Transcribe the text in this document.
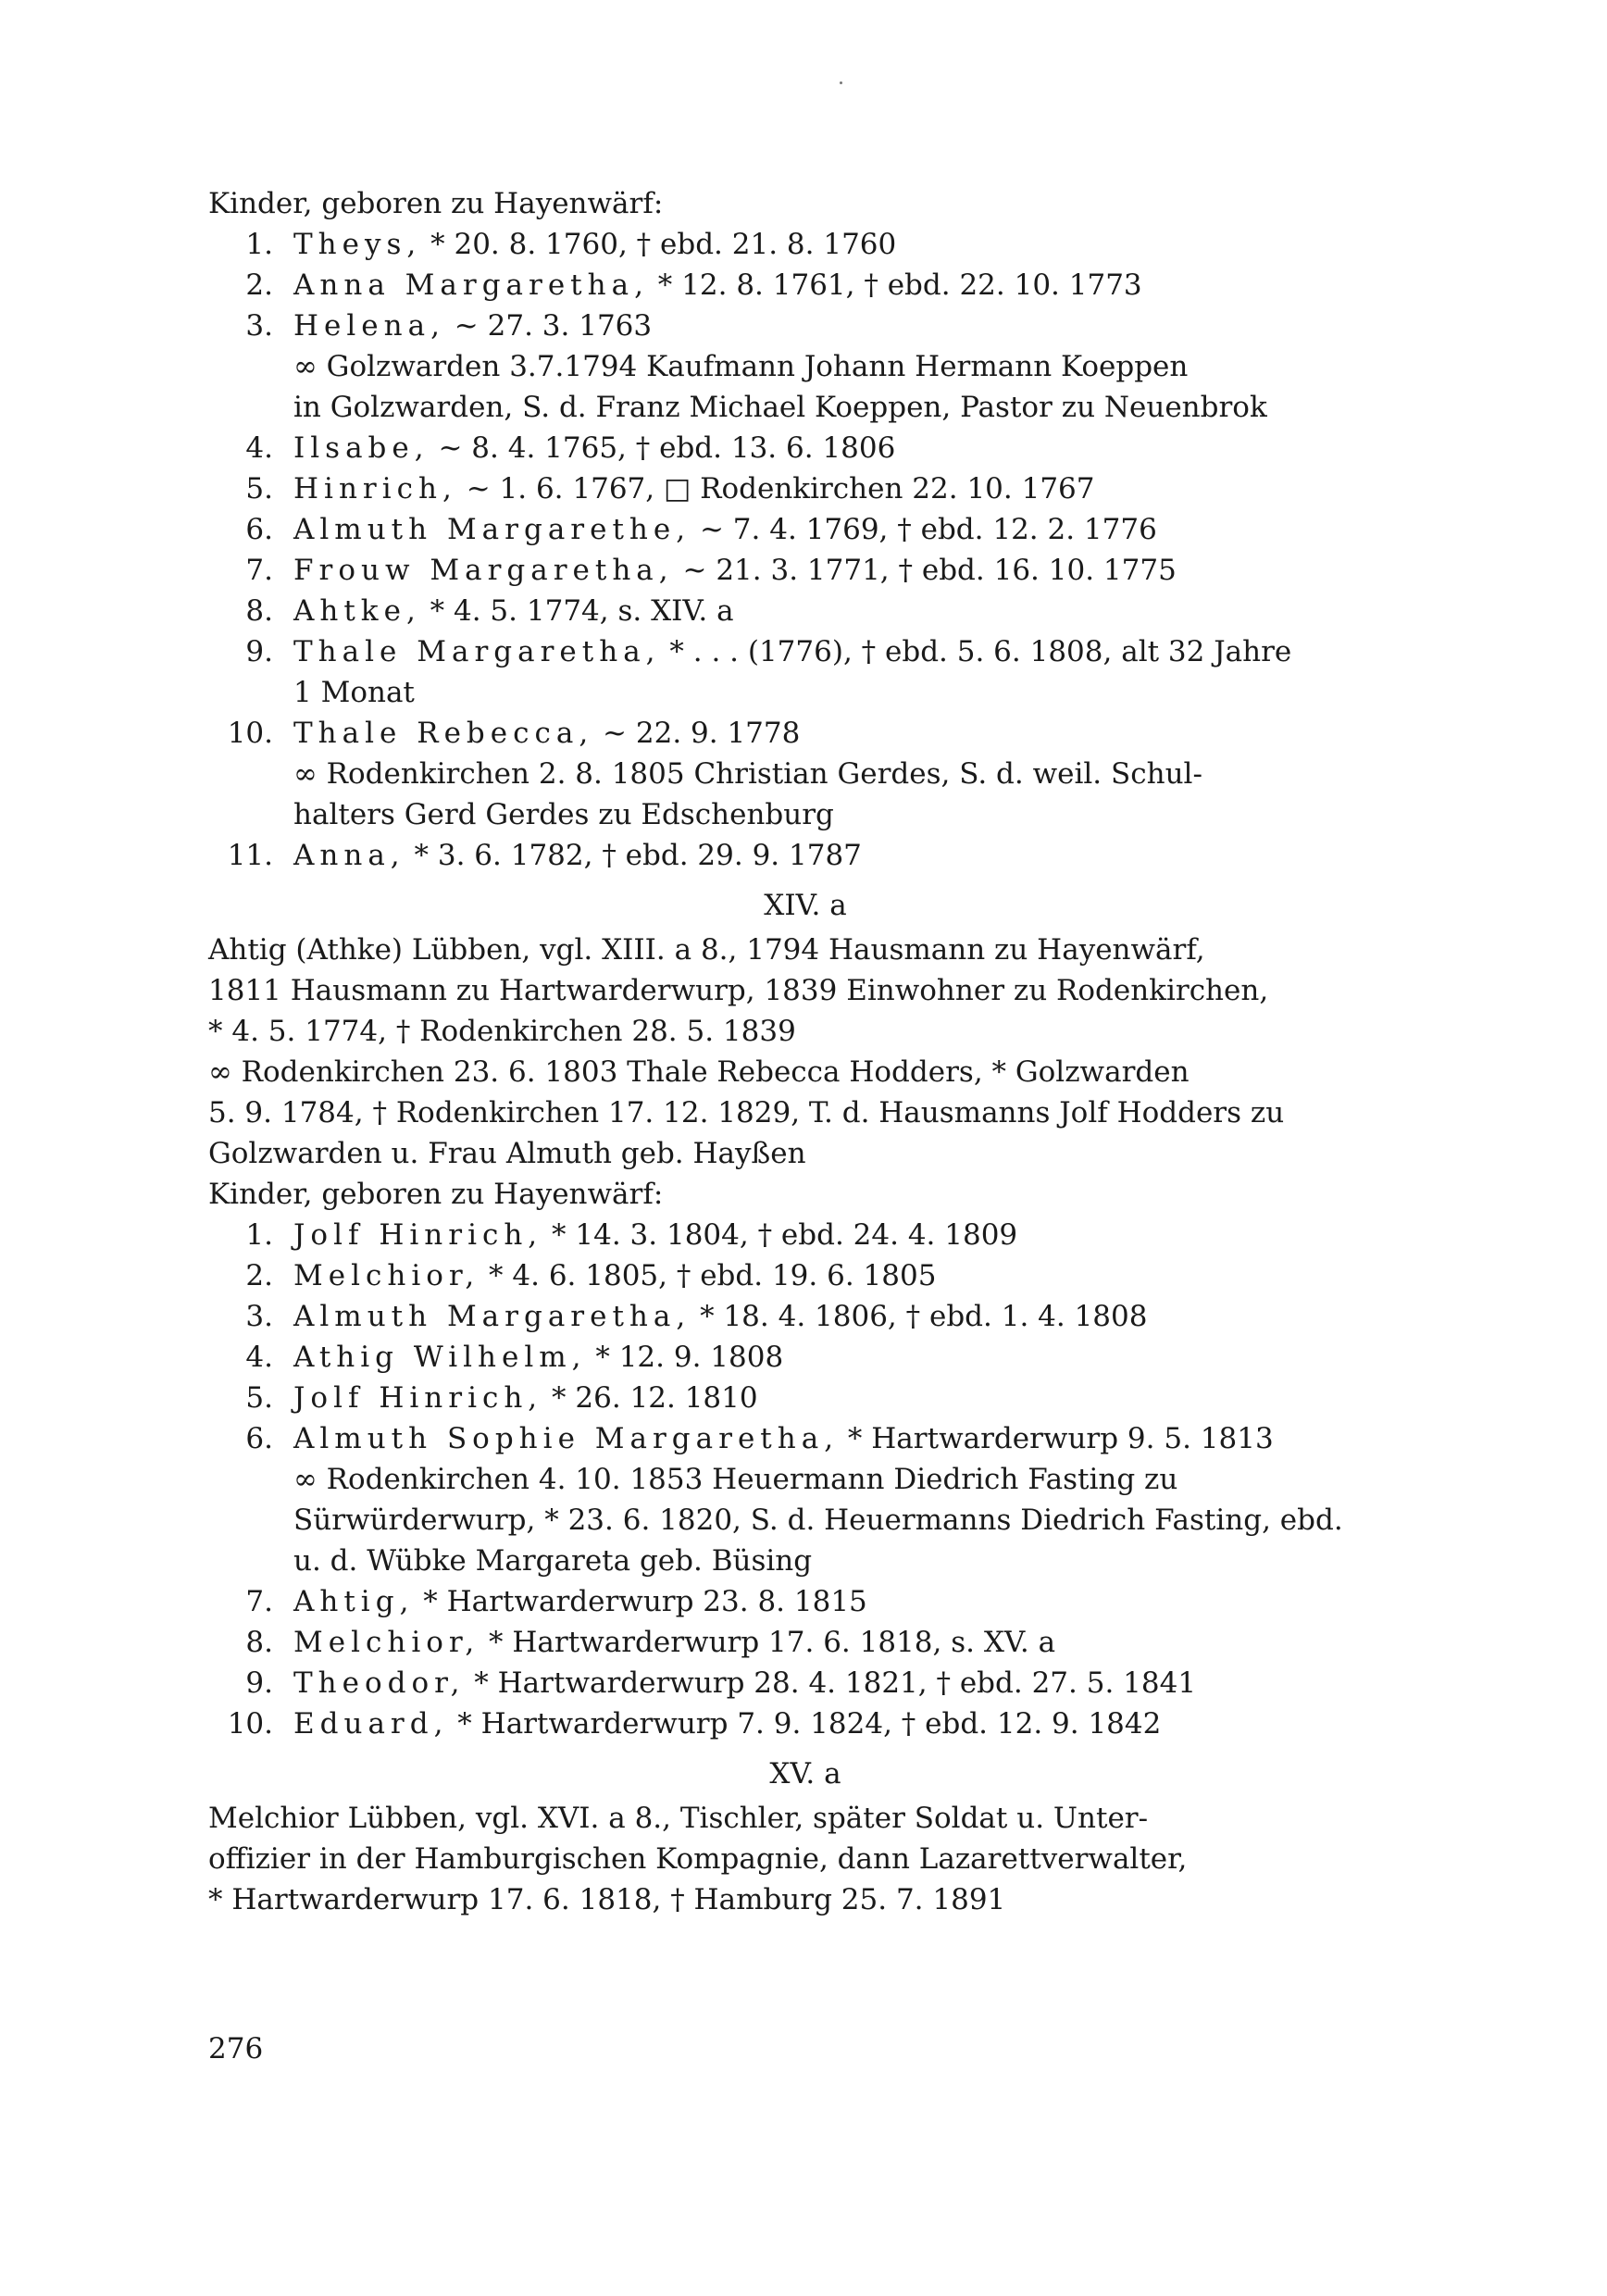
Kinder, geboren zu Hayenwärf:
1. Theys, * 20. 8. 1760, † ebd. 21. 8. 1760
2. Anna Margaretha, * 12. 8. 1761, † ebd. 22. 10. 1773
3. Helena, ~ 27. 3. 1763
∞ Golzwarden 3.7.1794 Kaufmann Johann Hermann Koeppen
in Golzwarden, S. d. Franz Michael Koeppen, Pastor zu Neuenbrok
4. Ilsabe, ~ 8. 4. 1765, † ebd. 13. 6. 1806
5. Hinrich, ~ 1. 6. 1767, □ Rodenkirchen 22. 10. 1767
6. Almuth Margarethe, ~ 7. 4. 1769, † ebd. 12. 2. 1776
7. Frouw Margaretha, ~ 21. 3. 1771, † ebd. 16. 10. 1775
8. Ahtke, * 4. 5. 1774, s. XIV. a
9. Thale Margaretha, * . . . (1776), † ebd. 5. 6. 1808, alt 32 Jahre
1 Monat
10. Thale Rebecca, ~ 22. 9. 1778
∞ Rodenkirchen 2. 8. 1805 Christian Gerdes, S. d. weil. Schul-
halters Gerd Gerdes zu Edschenburg
11. Anna, * 3. 6. 1782, † ebd. 29. 9. 1787
XIV. a
Ahtig (Athke) Lübben, vgl. XIII. a 8., 1794 Hausmann zu Hayenwärf,
1811 Hausmann zu Hartwarderwurp, 1839 Einwohner zu Rodenkirchen,
* 4. 5. 1774, † Rodenkirchen 28. 5. 1839
∞ Rodenkirchen 23. 6. 1803 Thale Rebecca Hodders, * Golzwarden
5. 9. 1784, † Rodenkirchen 17. 12. 1829, T. d. Hausmanns Jolf Hodders zu
Golzwarden u. Frau Almuth geb. Hayßen
Kinder, geboren zu Hayenwärf:
1. Jolf Hinrich, * 14. 3. 1804, † ebd. 24. 4. 1809
2. Melchior, * 4. 6. 1805, † ebd. 19. 6. 1805
3. Almuth Margaretha, * 18. 4. 1806, † ebd. 1. 4. 1808
4. Athig Wilhelm, * 12. 9. 1808
5. Jolf Hinrich, * 26. 12. 1810
6. Almuth Sophie Margaretha, * Hartwarderwurp 9. 5. 1813
∞ Rodenkirchen 4. 10. 1853 Heuermann Diedrich Fasting zu
Sürwürderwurp, * 23. 6. 1820, S. d. Heuermanns Diedrich Fasting, ebd.
u. d. Wübke Margareta geb. Büsing
7. Ahtig, * Hartwarderwurp 23. 8. 1815
8. Melchior, * Hartwarderwurp 17. 6. 1818, s. XV. a
9. Theodor, * Hartwarderwurp 28. 4. 1821, † ebd. 27. 5. 1841
10. Eduard, * Hartwarderwurp 7. 9. 1824, † ebd. 12. 9. 1842
XV. a
Melchior Lübben, vgl. XVI. a 8., Tischler, später Soldat u. Unter-
offizier in der Hamburgischen Kompagnie, dann Lazarettverwalter,
* Hartwarderwurp 17. 6. 1818, † Hamburg 25. 7. 1891
276
